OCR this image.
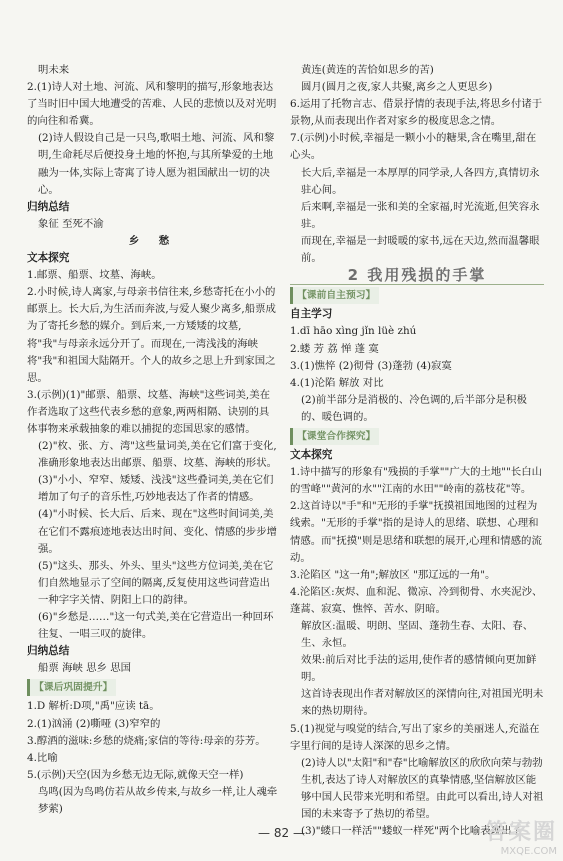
明未来

2.(1)诗人对土地、河流、风和黎明的描写,形象地表达了当时旧中国大地遭受的苦难、人民的悲愤以及对光明的向往和希冀。

(2)诗人假设自己是一只鸟,歌唱土地、河流、风和黎明,生命耗尽后便投身土地的怀抱,与其所挚爱的土地融为一体,实际上寄寓了诗人愿为祖国献出一切的决心。

归纳总结

象征 至死不渝

乡 愁

文本探究

1.邮票、船票、坟墓、海峡。

2.小时候,诗人离家,与母亲书信往来,乡愁寄托在小小的邮票上。长大后,为生活而奔波,与爱人聚少离多,船票成为了寄托乡愁的媒介。到后来,一方矮矮的坟墓,将"我"与母亲永远分开了。而现在,一湾浅浅的海峡将"我"和祖国大陆隔开。个人的故乡之思上升到家国之思。

3.(示例)(1)"邮票、船票、坟墓、海峡"这些词美,美在作者选取了这些代表乡愁的意象,两两相隔、诀别的具体事物来承载抽象的难以捕捉的恋国思家的感情。

(2)"枚、张、方、湾"这些量词美,美在它们富于变化,准确形象地表达出邮票、船票、坟墓、海峡的形状。

(3)"小小、窄窄、矮矮、浅浅"这些叠词美,美在它们增加了句子的音乐性,巧妙地表达了作者的情感。

(4)"小时候、长大后、后来、现在"这些时间词美,美在它们不露痕迹地表达出时间、变化、情感的步步增强。

(5)"这头、那头、外头、里头"这些方位词美,美在它们自然地显示了空间的隔离,反复使用这些词营造出一种字字关情、阴阳上口的韵律。

(6)"乡愁是……"这一句式美,美在它营造出一种回环往复、一唱三叹的旋律。

归纳总结

船票 海峡 思乡 思国

【课后巩固提升】

1.D 解析:D项,"禹"应读 tā。

2.(1)汹涌 (2)嘶哑 (3)窄窄的

3.醇酒的滋味:乡愁的烧痛;家信的等待:母亲的芬芳。

4.比喻

5.(示例)天空(因为乡愁无边无际,就像天空一样)

鸟鸣(因为鸟鸣仿若从故乡传来,与故乡一样,让人魂牵梦萦)

黄连(黄连的苦恰如思乡的苦)

圆月(圆月之夜,家人共聚,离乡之人更思乡)

6.运用了托物言志、借景抒情的表现手法,将思乡付诸于景物,从而表现出作者对家乡的极度思念之情。

7.(示例)小时候,幸福是一颗小小的糖果,含在嘴里,甜在心头。

长大后,幸福是一本厚厚的同学录,人各四方,真情切永驻心间。

后来啊,幸福是一张和美的全家福,时光流逝,但笑容永驻。

而现在,幸福是一封暖暖的家书,远在天边,然而温馨眼前。

2 我用残损的手掌

【课前自主预习】

自主学习

1.dī hāo xìng jǐn lüè zhú

2.蝼 芳 荔 惮 蓬 寞

3.(1)憔悴 (2)彻骨 (3)蓬勃 (4)寂寞

4.(1)沦陷 解放 对比

(2)前半部分是消极的、冷色调的,后半部分是积极的、暖色调的。

【课堂合作探究】

文本探究

1.诗中描写的形象有"残损的手掌""广大的土地""长白山的雪峰""黄河的水""江南的水田""岭南的荔枝花"等。

2.这首诗以"手"和"无形的手掌"抚摸祖国地图的过程为线索。"无形的手掌"指的是诗人的思绪、联想、心理和情感。而"抚摸"则是思绪和联想的展开,心理和情感的流动。

3.沦陷区 "这一角";解放区 "那辽远的一角"。

4.沦陷区:灰烬、血和泥、微凉、冷到彻骨、水夹泥沙、蓬蒿、寂寞、憔悴、苦水、阴暗。

解放区:温暖、明朗、坚固、蓬勃生春、太阳、春、生、永恒。

效果:前后对比手法的运用,使作者的感情倾向更加鲜明。

这首诗表现出作者对解放区的深情向往,对祖国光明未来的热切期待。

5.(1)视觉与嗅觉的结合,写出了家乡的美丽迷人,充溢在字里行间的是诗人深深的思乡之情。

(2)诗人以"太阳"和"春"比喻解放区的欣欣向荣与勃勃生机,表达了诗人对解放区的真挚情感,坚信解放区能够中国人民带来光明和希望。由此可以看出,诗人对祖国的未来寄予了热切的希望。

(3)"蝼口一样活""蝼蚁一样死"两个比喻表现出了

— 82 —	答案圈
MXQE.COM
